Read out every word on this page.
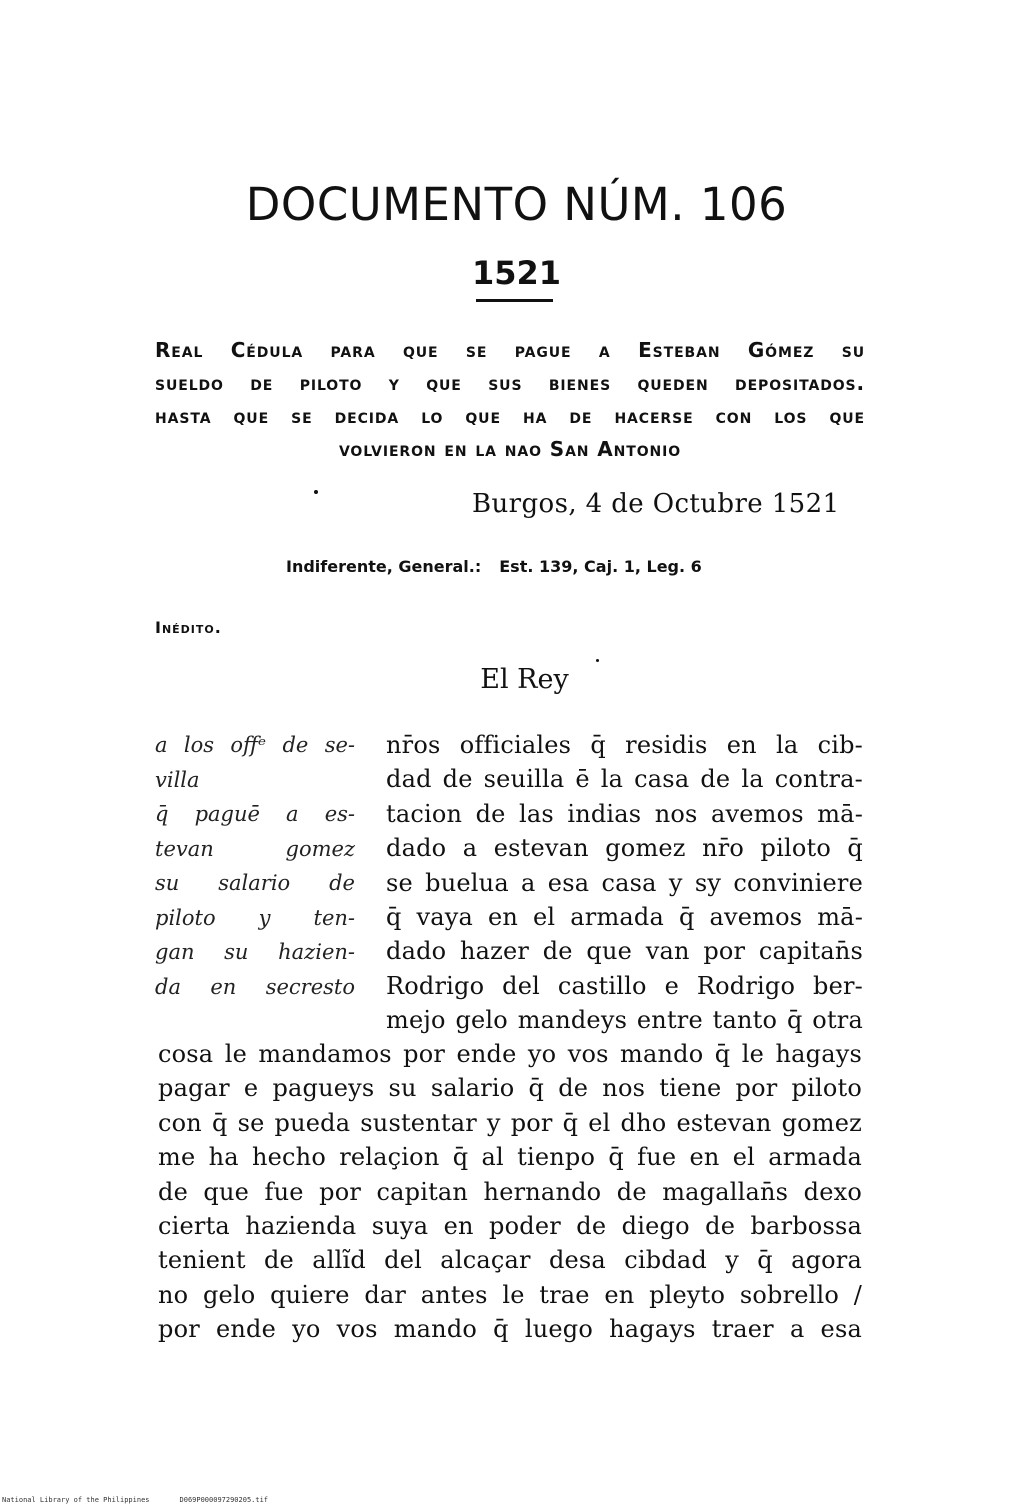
DOCUMENTO NÚM. 106
1521
Real Cédula para que se pague a Esteban Gómez su
sueldo de piloto y que sus bienes queden depositados.
hasta que se decida lo que ha de hacerse con los que
volvieron en la nao San Antonio
Burgos, 4 de Octubre 1521
Indiferente, General.: Est. 139, Caj. 1, Leg. 6
Inédito.
El Rey
a los offᵉ de se-
villa
q̄ paguē a es-
tevan gomez
su salario de
piloto y ten-
gan su hazien-
da en secresto
nr̄os officiales q̄ residis en la cib-
dad de seuilla ē la casa de la contra-
tacion de las indias nos avemos mā-
dado a estevan gomez nr̄o piloto q̄
se buelua a esa casa y sy conviniere
q̄ vaya en el armada q̄ avemos mā-
dado hazer de que van por capitan̄s
Rodrigo del castillo e Rodrigo ber-
mejo gelo mandeys entre tanto q̄ otra
cosa le mandamos por ende yo vos mando q̄ le hagays
pagar e pagueys su salario q̄ de nos tiene por piloto
con q̄ se pueda sustentar y por q̄ el dho estevan gomez
me ha hecho relaçion q̄ al tienpo q̄ fue en el armada
de que fue por capitan hernando de magallan̄s dexo
cierta hazienda suya en poder de diego de barbossa
tenient de allĩd del alcaçar desa cibdad y q̄ agora
no gelo quiere dar antes le trae en pleyto sobrello /
por ende yo vos mando q̄ luego hagays traer a esa
National Library of the Philippines	D069P000097290205.tif
